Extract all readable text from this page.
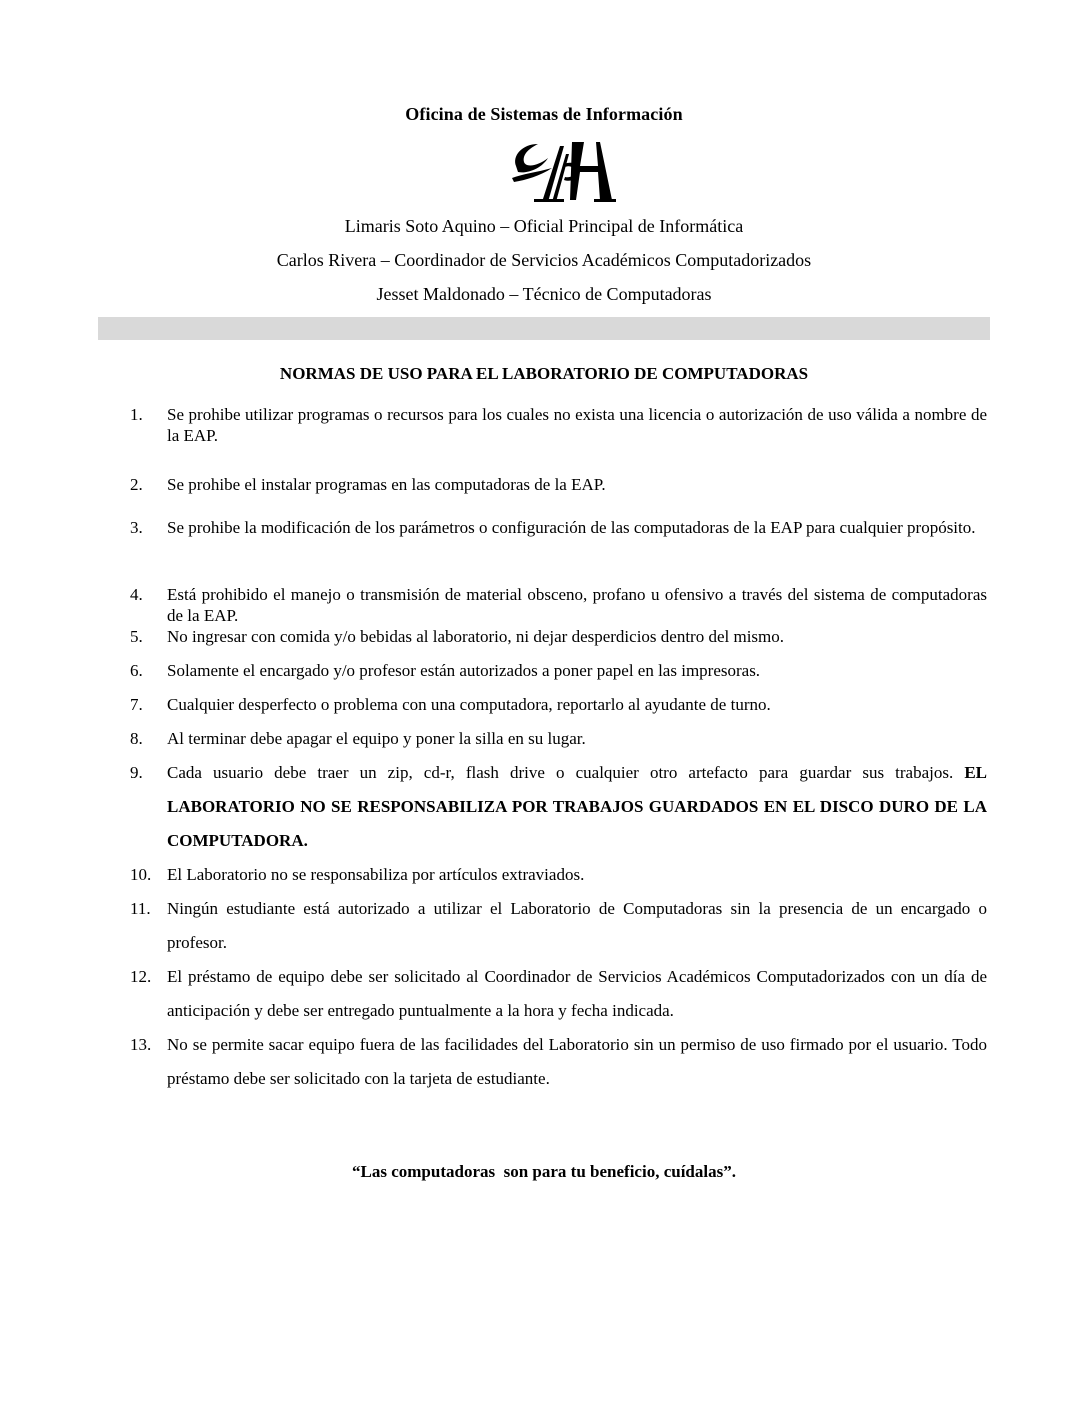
Oficina de Sistemas de Información
Limaris Soto Aquino – Oficial Principal de Informática
Carlos Rivera – Coordinador de Servicios Académicos Computadorizados
Jesset Maldonado – Técnico de Computadoras
NORMAS DE USO PARA EL LABORATORIO DE COMPUTADORAS
1.	Se prohibe utilizar programas o recursos para los cuales no exista una licencia o autorización de uso válida a nombre de la EAP.
2.	Se prohibe el instalar programas en las computadoras de la EAP.
3.	Se prohibe la modificación de los parámetros o configuración de las computadoras de la EAP para cualquier propósito.
4.	Está prohibido el manejo o transmisión de material obsceno, profano u ofensivo a través del sistema de computadoras de la EAP.
5.	No ingresar con comida y/o bebidas al laboratorio, ni dejar desperdicios dentro del mismo.
6.	Solamente el encargado y/o profesor están autorizados a poner papel en las impresoras.
7.	Cualquier desperfecto o problema con una computadora, reportarlo al ayudante de turno.
8.	Al terminar debe apagar el equipo y poner la silla en su lugar.
9.	Cada usuario debe traer un zip, cd-r, flash drive o cualquier otro artefacto para guardar sus trabajos. EL LABORATORIO NO SE RESPONSABILIZA POR TRABAJOS GUARDADOS EN EL DISCO DURO DE LA COMPUTADORA.
10. El Laboratorio no se responsabiliza por artículos extraviados.
11. Ningún estudiante está autorizado a utilizar el Laboratorio de Computadoras sin la presencia de un encargado o profesor.
12. El préstamo de equipo debe ser solicitado al Coordinador de Servicios Académicos Computadorizados con un día de anticipación y debe ser entregado puntualmente a la hora y fecha indicada.
13. No se permite sacar equipo fuera de las facilidades del Laboratorio sin un permiso de uso firmado por el usuario. Todo préstamo debe ser solicitado con la tarjeta de estudiante.
“Las computadoras  son para tu beneficio, cuídalas”.
